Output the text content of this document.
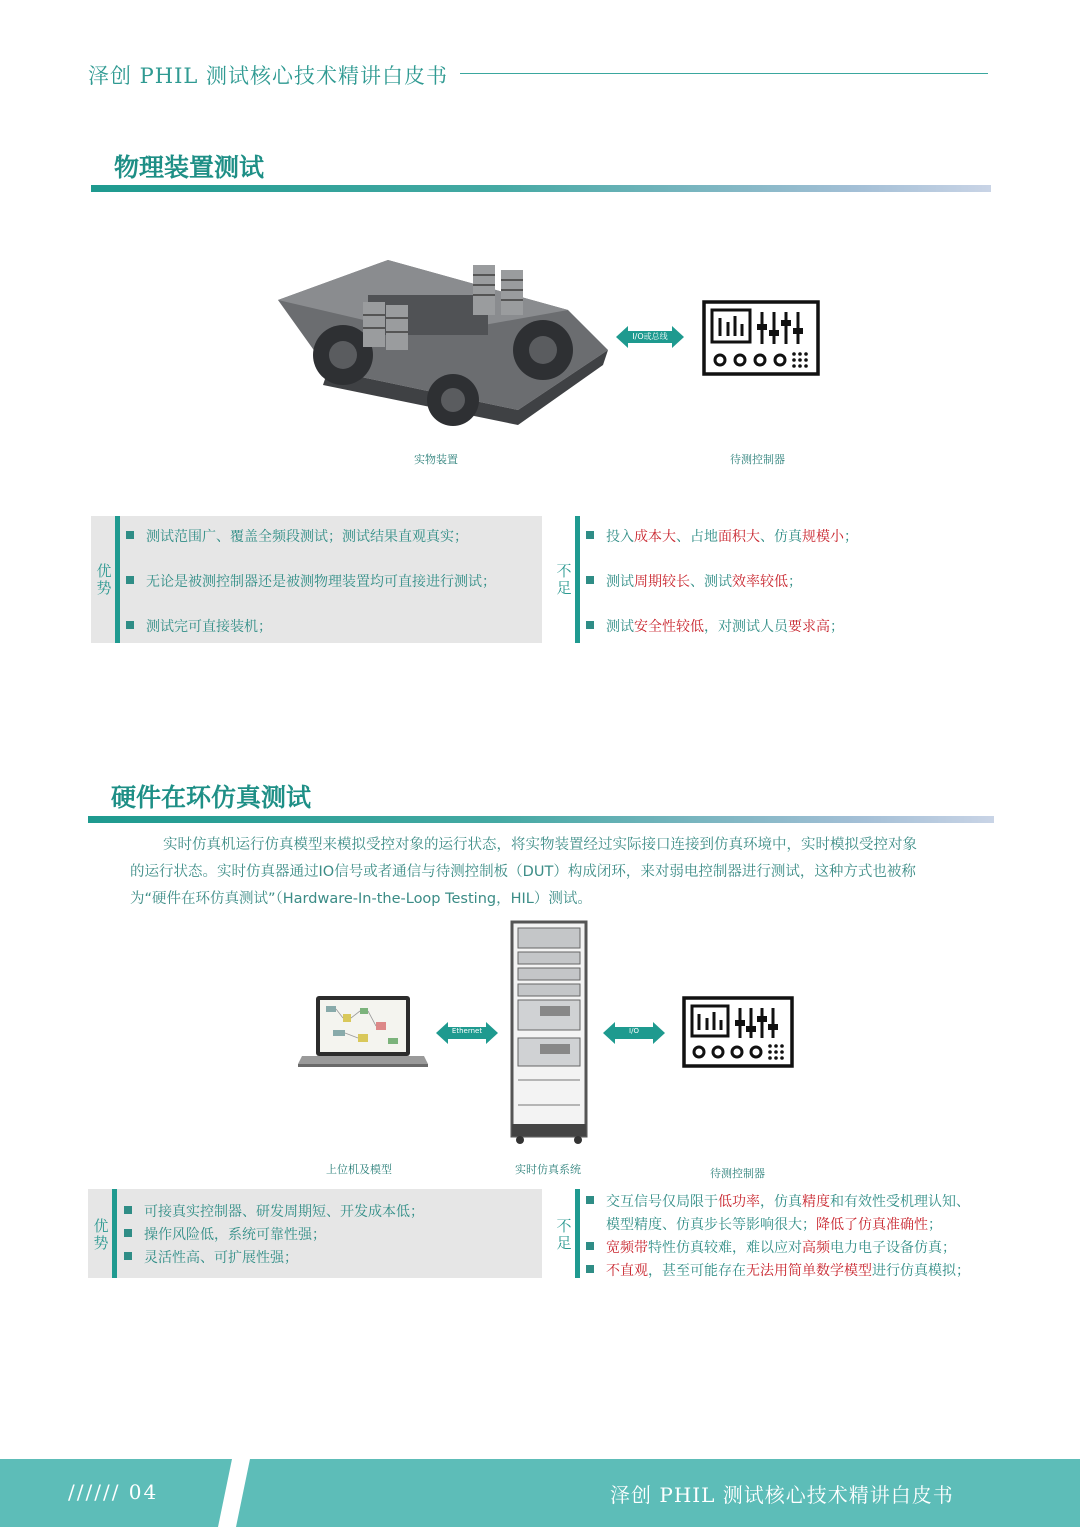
泽创 PHIL 测试核心技术精讲白皮书
物理装置测试
I/O或总线
实物装置	待测控制器
优势
测试范围广、覆盖全频段测试；测试结果直观真实；
无论是被测控制器还是被测物理装置均可直接进行测试；
测试完可直接装机；
不足
投入成本大、占地面积大、仿真规模小；
测试周期较长、测试效率较低；
测试安全性较低，对测试人员要求高；
硬件在环仿真测试
实时仿真机运行仿真模型来模拟受控对象的运行状态，将实物装置经过实际接口连接到仿真环境中，实时模拟受控对象
的运行状态。实时仿真器通过IO信号或者通信与待测控制板（DUT）构成闭环，来对弱电控制器进行测试，这种方式也被称
为“硬件在环仿真测试”（Hardware-In-the-Loop Testing，HIL）测试。
Ethernet	I/O
上位机及模型	实时仿真系统	待测控制器
优势
可接真实控制器、研发周期短、开发成本低；
操作风险低，系统可靠性强；
灵活性高、可扩展性强；
不足
交互信号仅局限于低功率，仿真精度和有效性受机理认知、
模型精度、仿真步长等影响很大；降低了仿真准确性；
宽频带特性仿真较难，难以应对高频电力电子设备仿真；
不直观，甚至可能存在无法用简单数学模型进行仿真模拟；
////// 04	泽创 PHIL 测试核心技术精讲白皮书
